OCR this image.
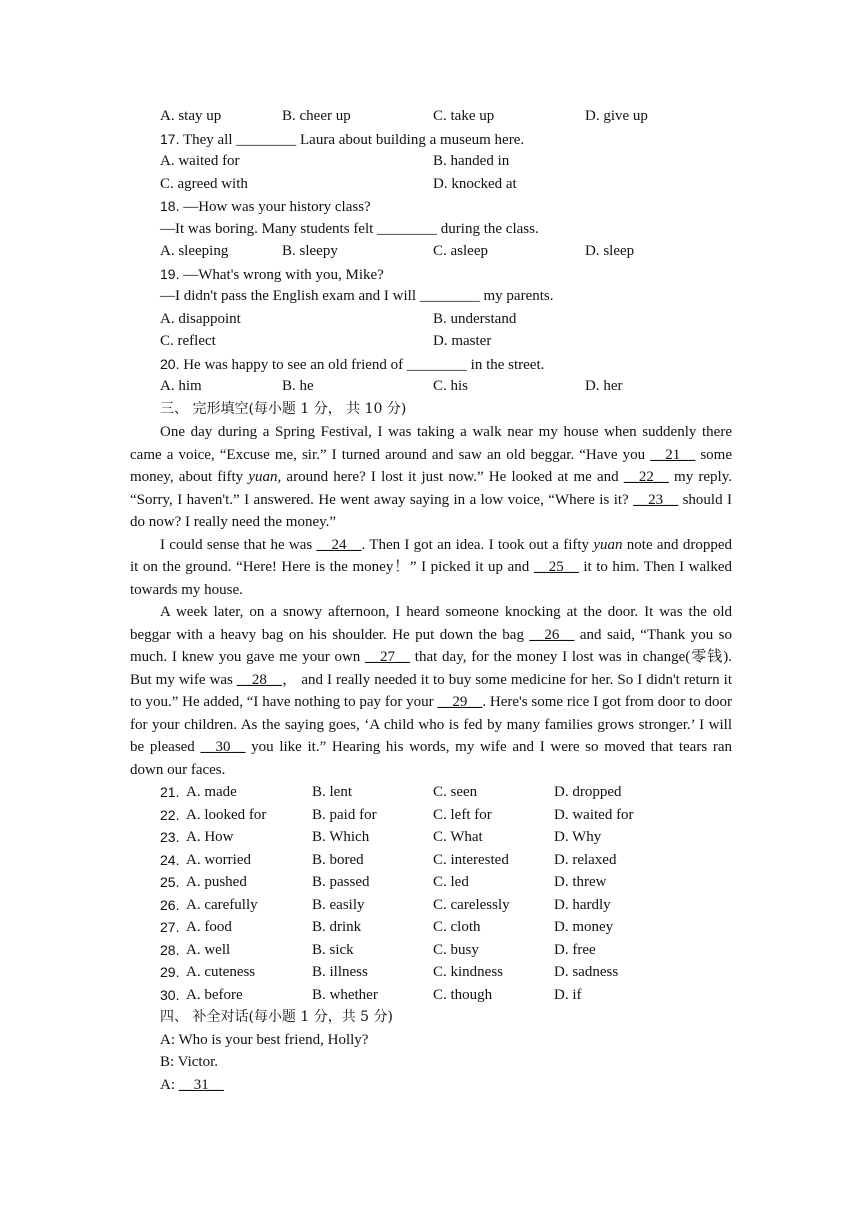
A. stay up	B. cheer up	C. take up	D. give up
17. They all ________ Laura about building a museum here.
A. waited for	B. handed in
C. agreed with	D. knocked at
18. —How was your history class?
—It was boring. Many students felt ________ during the class.
A. sleeping	B. sleepy	C. asleep	D. sleep
19. —What's wrong with you, Mike?
—I didn't pass the English exam and I will ________ my parents.
A. disappoint	B. understand
C. reflect	D. master
20. He was happy to see an old friend of ________ in the street.
A. him	B. he	C. his	D. her
三、 完形填空(每小题 1 分， 共 10 分)

One day during a Spring Festival, I was taking a walk near my house when suddenly there came a voice, “Excuse me, sir.” I turned around and saw an old beggar. “Have you __21__ some money, about fifty yuan, around here? I lost it just now.” He looked at me and __22__ my reply. “Sorry, I haven't.” I answered. He went away saying in a low voice, “Where is it? __23__ should I do now? I really need the money.”

I could sense that he was __24__. Then I got an idea. I took out a fifty yuan note and dropped it on the ground. “Here! Here is the money！” I picked it up and __25__ it to him. Then I walked towards my house.

A week later, on a snowy afternoon, I heard someone knocking at the door. It was the old beggar with a heavy bag on his shoulder. He put down the bag __26__ and said, “Thank you so much. I knew you gave me your own __27__ that day, for the money I lost was in change(零钱). But my wife was __28__， and I really needed it to buy some medicine for her. So I didn't return it to you.” He added, “I have nothing to pay for your __29__. Here's some rice I got from door to door for your children. As the saying goes, ‘A child who is fed by many families grows stronger.’ I will be pleased __30__ you like it.” Hearing his words, my wife and I were so moved that tears ran down our faces.

21. A. made	B. lent	C. seen	D. dropped
22. A. looked for	B. paid for	C. left for	D. waited for
23. A. How	B. Which	C. What	D. Why
24. A. worried	B. bored	C. interested	D. relaxed
25. A. pushed	B. passed	C. led	D. threw
26. A. carefully	B. easily	C. carelessly	D. hardly
27. A. food	B. drink	C. cloth	D. money
28. A. well	B. sick	C. busy	D. free
29. A. cuteness	B. illness	C. kindness	D. sadness
30. A. before	B. whether	C. though	D. if
四、 补全对话(每小题 1 分，共 5 分)
A: Who is your best friend, Holly?
B: Victor.
A: __31__
